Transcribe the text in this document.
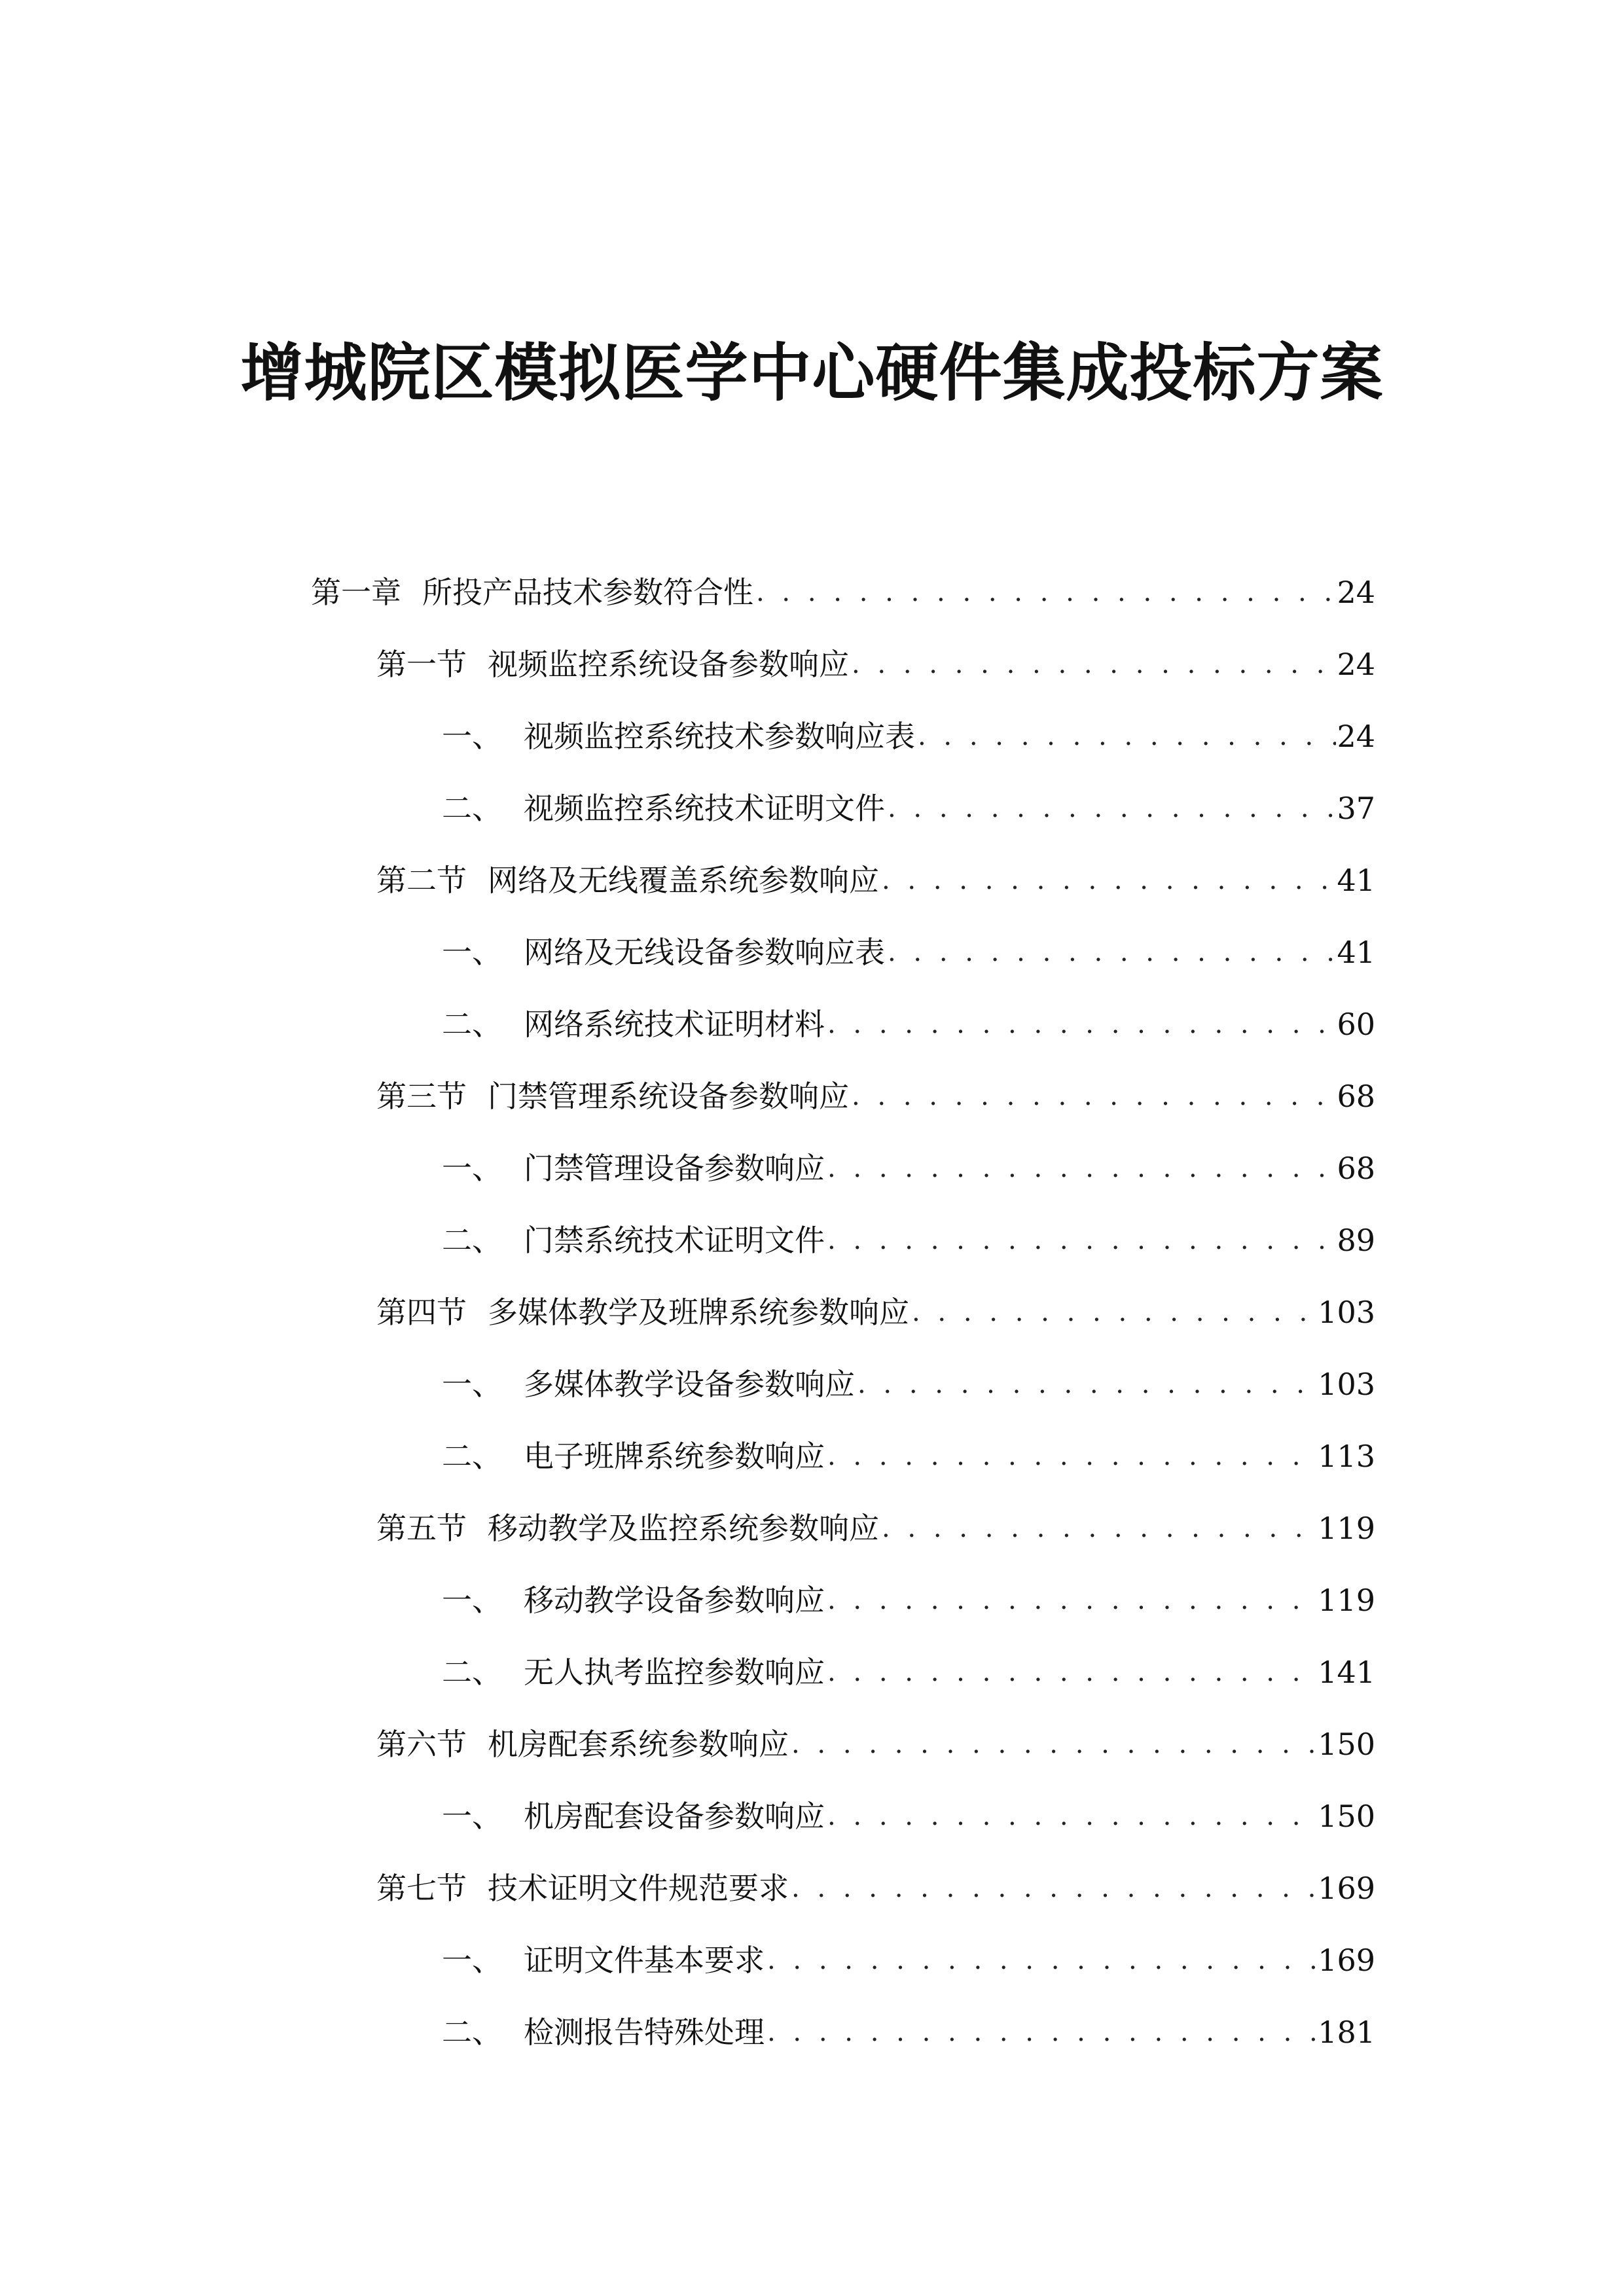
增城院区模拟医学中心硬件集成投标方案
第一章 所投产品技术参数符合性 . . .	24
第一节 视频监控系统设备参数响应 . . .	24
一、 视频监控系统技术参数响应表 . . .	24
二、 视频监控系统技术证明文件 . . .	37
第二节 网络及无线覆盖系统参数响应 . . .	41
一、 网络及无线设备参数响应表 . . .	41
二、 网络系统技术证明材料 . . .	60
第三节 门禁管理系统设备参数响应 . . .	68
一、 门禁管理设备参数响应 . . .	68
二、 门禁系统技术证明文件 . . .	89
第四节 多媒体教学及班牌系统参数响应 . . .	103
一、 多媒体教学设备参数响应 . . .	103
二、 电子班牌系统参数响应 . . .	113
第五节 移动教学及监控系统参数响应 . . .	119
一、 移动教学设备参数响应 . . .	119
二、 无人执考监控参数响应 . . .	141
第六节 机房配套系统参数响应 . . .	150
一、 机房配套设备参数响应 . . .	150
第七节 技术证明文件规范要求 . . .	169
一、 证明文件基本要求 . . .	169
二、 检测报告特殊处理 . . .	181
